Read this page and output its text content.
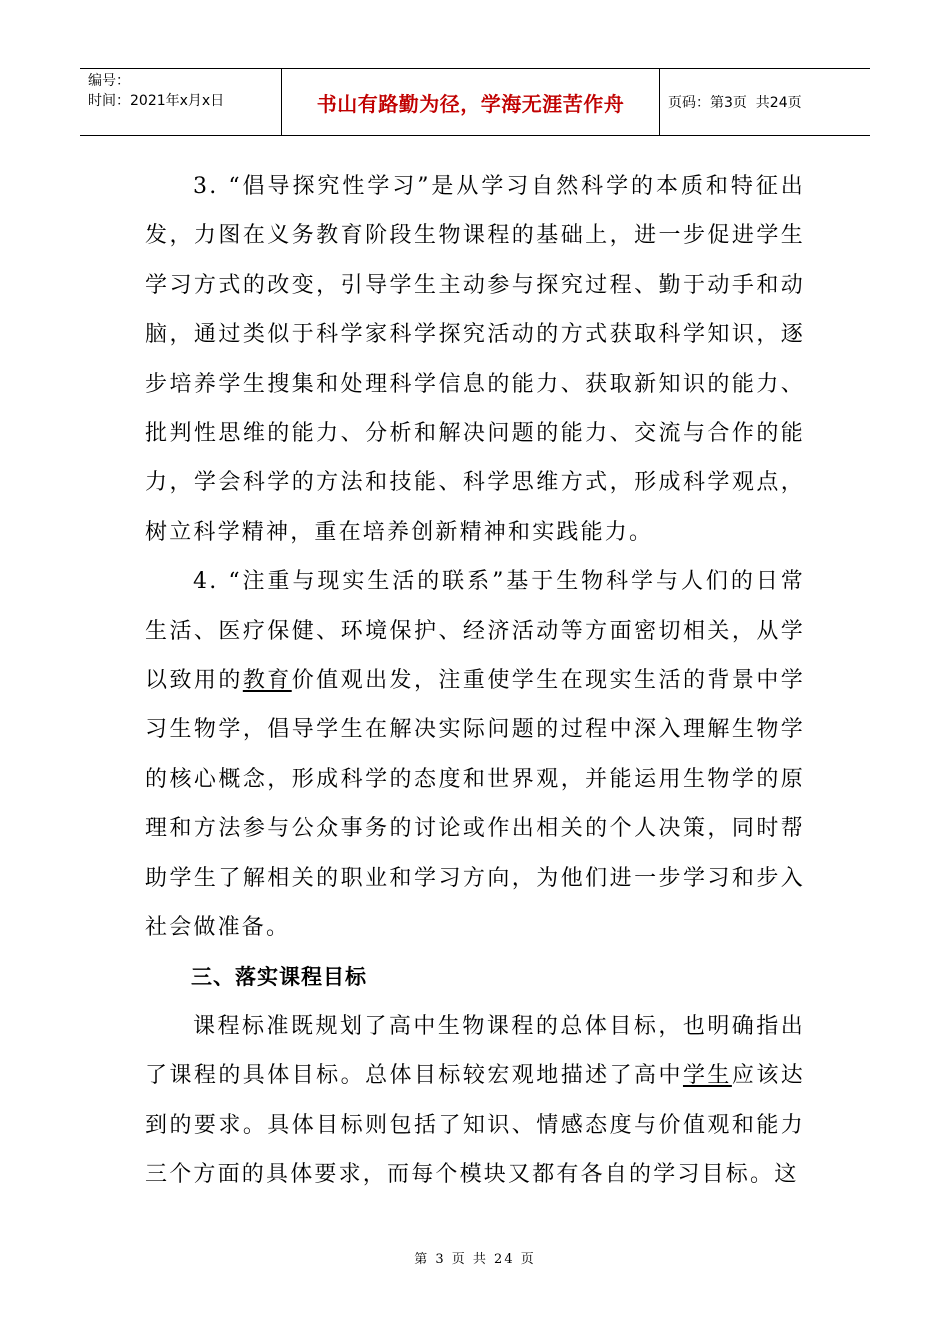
编号：
时间：2021年x月x日	书山有路勤为径，学海无涯苦作舟	页码：第3页  共24页

3. “倡导探究性学习”是从学习自然科学的本质和特征出发，力图在义务教育阶段生物课程的基础上，进一步促进学生学习方式的改变，引导学生主动参与探究过程、勤于动手和动脑，通过类似于科学家科学探究活动的方式获取科学知识，逐步培养学生搜集和处理科学信息的能力、获取新知识的能力、批判性思维的能力、分析和解决问题的能力、交流与合作的能力，学会科学的方法和技能、科学思维方式，形成科学观点，树立科学精神，重在培养创新精神和实践能力。

4. “注重与现实生活的联系”基于生物科学与人们的日常生活、医疗保健、环境保护、经济活动等方面密切相关，从学以致用的教育价值观出发，注重使学生在现实生活的背景中学习生物学，倡导学生在解决实际问题的过程中深入理解生物学的核心概念，形成科学的态度和世界观，并能运用生物学的原理和方法参与公众事务的讨论或作出相关的个人决策，同时帮助学生了解相关的职业和学习方向，为他们进一步学习和步入社会做准备。

三、落实课程目标

课程标准既规划了高中生物课程的总体目标，也明确指出了课程的具体目标。总体目标较宏观地描述了高中学生应该达到的要求。具体目标则包括了知识、情感态度与价值观和能力三个方面的具体要求，而每个模块又都有各自的学习目标。这

第 3 页 共 24 页
